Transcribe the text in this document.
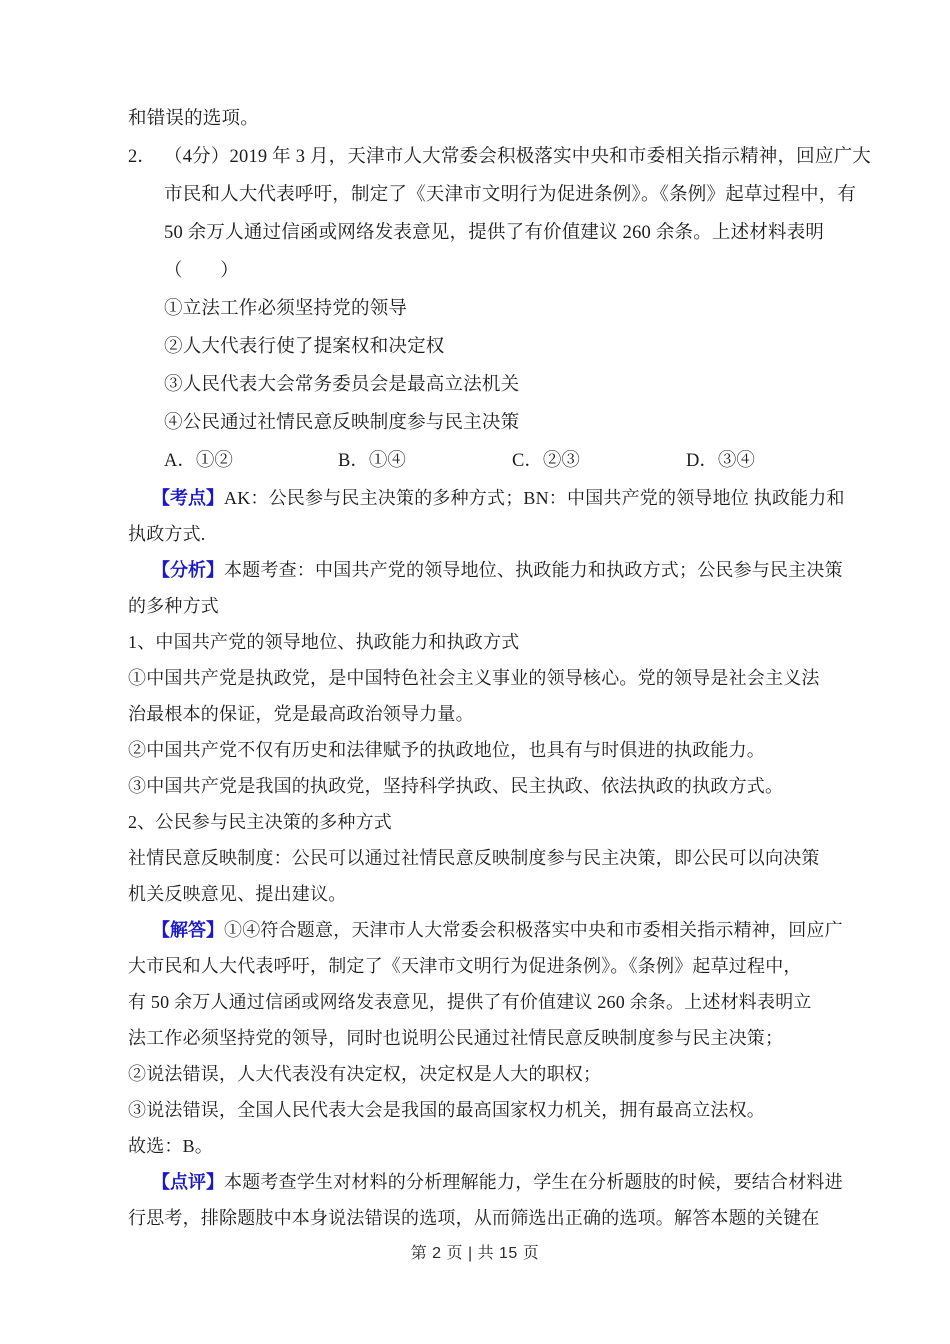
和错误的选项。
2． （4分）2019 年 3 月，天津市人大常委会积极落实中央和市委相关指示精神，回应广大
市民和人大代表呼吁，制定了《天津市文明行为促进条例》。《条例》起草过程中，有
50 余万人通过信函或网络发表意见，提供了有价值建议 260 余条。上述材料表明
（　　）
①立法工作必须坚持党的领导
②人大代表行使了提案权和决定权
③人民代表大会常务委员会是最高立法机关
④公民通过社情民意反映制度参与民主决策
A．①②	B．①④	C．②③	D．③④
【考点】AK：公民参与民主决策的多种方式；BN：中国共产党的领导地位 执政能力和
执政方式.
【分析】本题考查：中国共产党的领导地位、执政能力和执政方式；公民参与民主决策
的多种方式
1、中国共产党的领导地位、执政能力和执政方式
①中国共产党是执政党，是中国特色社会主义事业的领导核心。党的领导是社会主义法
治最根本的保证，党是最高政治领导力量。
②中国共产党不仅有历史和法律赋予的执政地位，也具有与时俱进的执政能力。
③中国共产党是我国的执政党，坚持科学执政、民主执政、依法执政的执政方式。
2、公民参与民主决策的多种方式
社情民意反映制度：公民可以通过社情民意反映制度参与民主决策，即公民可以向决策
机关反映意见、提出建议。
【解答】①④符合题意，天津市人大常委会积极落实中央和市委相关指示精神，回应广
大市民和人大代表呼吁，制定了《天津市文明行为促进条例》。《条例》起草过程中，
有 50 余万人通过信函或网络发表意见，提供了有价值建议 260 余条。上述材料表明立
法工作必须坚持党的领导，同时也说明公民通过社情民意反映制度参与民主决策；
②说法错误，人大代表没有决定权，决定权是人大的职权；
③说法错误，全国人民代表大会是我国的最高国家权力机关，拥有最高立法权。
故选：B。
【点评】本题考查学生对材料的分析理解能力，学生在分析题肢的时候，要结合材料进
行思考，排除题肢中本身说法错误的选项，从而筛选出正确的选项。解答本题的关键在
第 2 页 | 共 15 页
